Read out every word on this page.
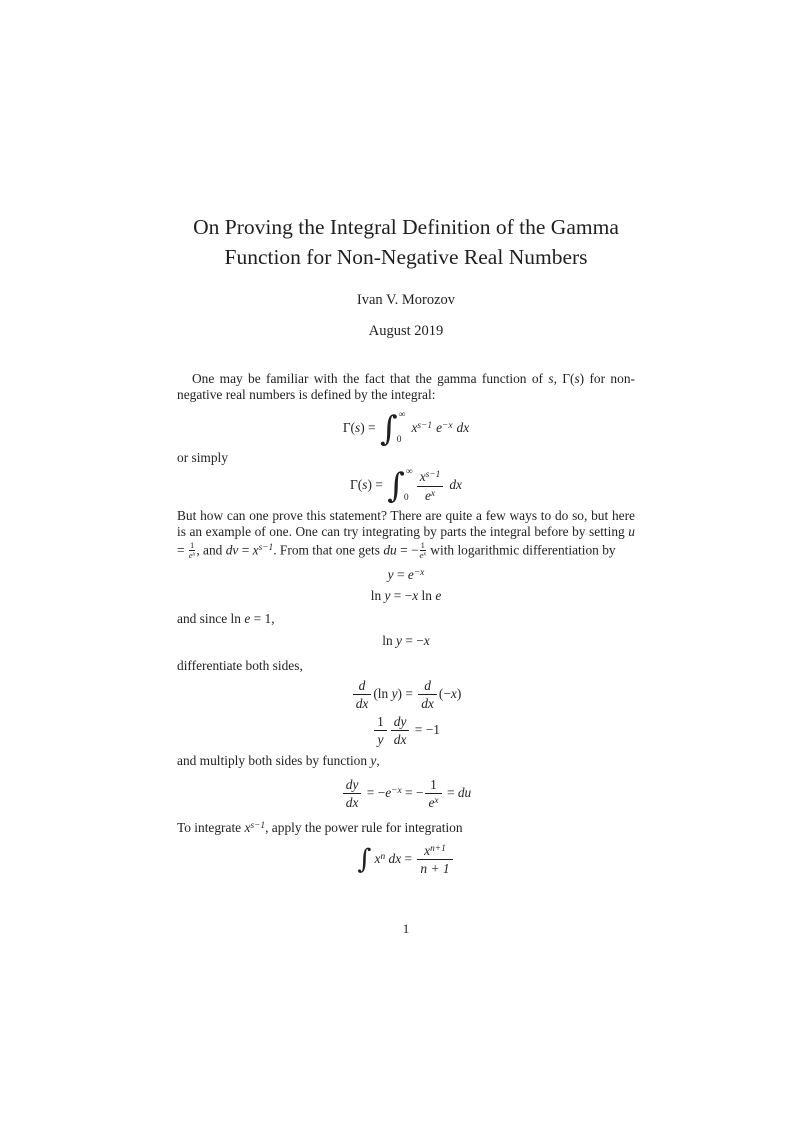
On Proving the Integral Definition of the Gamma
Function for Non-Negative Real Numbers
Ivan V. Morozov
August 2019

One may be familiar with the fact that the gamma function of s, Γ(s) for non-negative real numbers is defined by the integral:

Γ(s) = ∫ ∞
0
$x^{s-1}$ $e^{-x}$ dx

or simply

Γ(s) = ∫ ∞
$0 \frac{x^{s-1}}{e^x}$ dx

But how can one prove this statement? There are quite a few ways to do so, but here is an example of one. One can try integrating by parts the integral before by setting $u = \frac{1}{e^x}$ , and dv = $x^{s-1}$. From that one gets du = − $\frac{1}{e^x}$ with logarithmic differentiation by

$y = e^{-x}$
ln y = −x ln e

and since ln e = 1,

ln y = −x

differentiate both sides,

$\frac{d}{dx} (\ln$ $y) = \frac{d}{dx} (-x)$
$\frac{1}{y} \frac{dy}{dx} = -1$

and multiply both sides by function y,

$\frac{dy}{dx} = -e^{-x}$ = − $\frac{1}{e^x}$ = du

To integrate $x^{s-1}$, apply the power rule for integration

∫ $x^n$ dx = $\frac{x^{n+1}}{n + 1}$
1
